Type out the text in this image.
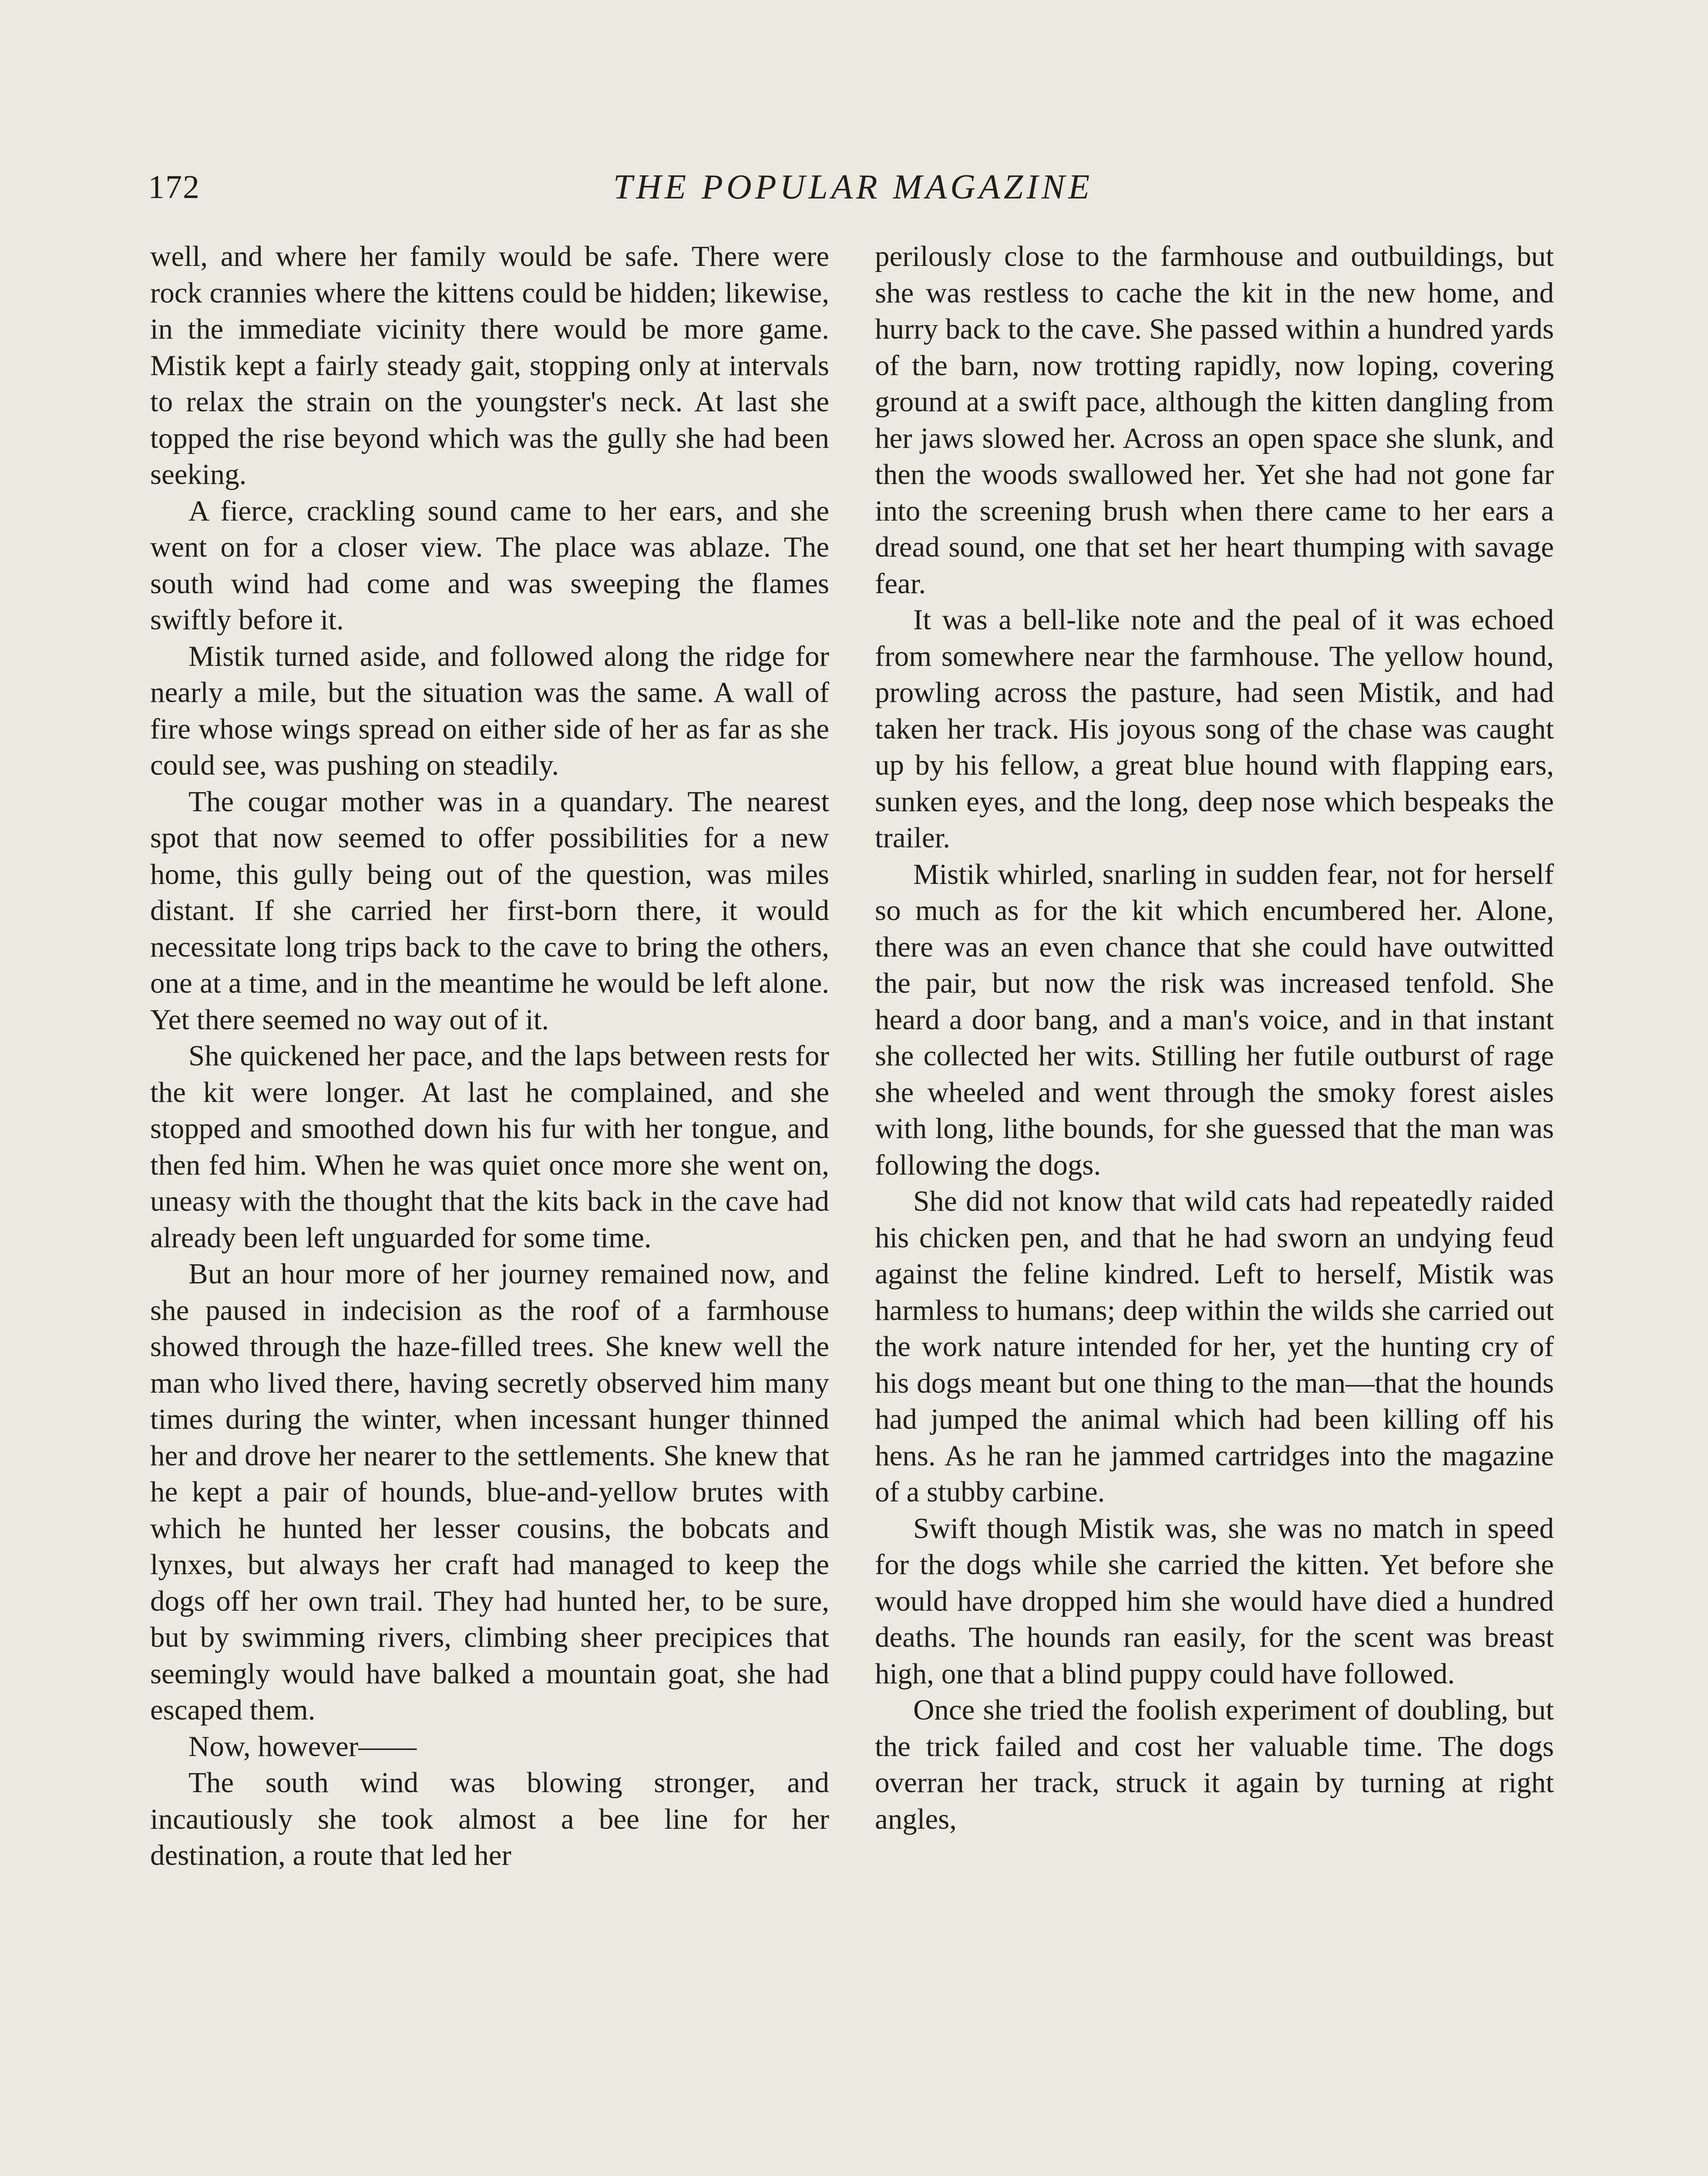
172	THE POPULAR MAGAZINE

well, and where her family would be safe. There were rock crannies where the kittens could be hidden; likewise, in the immediate vicinity there would be more game. Mistik kept a fairly steady gait, stopping only at intervals to relax the strain on the youngster's neck. At last she topped the rise beyond which was the gully she had been seeking.

A fierce, crackling sound came to her ears, and she went on for a closer view. The place was ablaze. The south wind had come and was sweeping the flames swiftly before it.

Mistik turned aside, and followed along the ridge for nearly a mile, but the situation was the same. A wall of fire whose wings spread on either side of her as far as she could see, was pushing on steadily.

The cougar mother was in a quandary. The nearest spot that now seemed to offer possibilities for a new home, this gully being out of the question, was miles distant. If she carried her first-born there, it would necessitate long trips back to the cave to bring the others, one at a time, and in the meantime he would be left alone. Yet there seemed no way out of it.

She quickened her pace, and the laps between rests for the kit were longer. At last he complained, and she stopped and smoothed down his fur with her tongue, and then fed him. When he was quiet once more she went on, uneasy with the thought that the kits back in the cave had already been left unguarded for some time.

But an hour more of her journey remained now, and she paused in indecision as the roof of a farmhouse showed through the haze-filled trees. She knew well the man who lived there, having secretly observed him many times during the winter, when incessant hunger thinned her and drove her nearer to the settlements. She knew that he kept a pair of hounds, blue-and-yellow brutes with which he hunted her lesser cousins, the bobcats and lynxes, but always her craft had managed to keep the dogs off her own trail. They had hunted her, to be sure, but by swimming rivers, climbing sheer precipices that seemingly would have balked a mountain goat, she had escaped them.

Now, however——

The south wind was blowing stronger, and incautiously she took almost a bee line for her destination, a route that led her

perilously close to the farmhouse and outbuildings, but she was restless to cache the kit in the new home, and hurry back to the cave. She passed within a hundred yards of the barn, now trotting rapidly, now loping, covering ground at a swift pace, although the kitten dangling from her jaws slowed her. Across an open space she slunk, and then the woods swallowed her. Yet she had not gone far into the screening brush when there came to her ears a dread sound, one that set her heart thumping with savage fear.

It was a bell-like note and the peal of it was echoed from somewhere near the farmhouse. The yellow hound, prowling across the pasture, had seen Mistik, and had taken her track. His joyous song of the chase was caught up by his fellow, a great blue hound with flapping ears, sunken eyes, and the long, deep nose which bespeaks the trailer.

Mistik whirled, snarling in sudden fear, not for herself so much as for the kit which encumbered her. Alone, there was an even chance that she could have outwitted the pair, but now the risk was increased tenfold. She heard a door bang, and a man's voice, and in that instant she collected her wits. Stilling her futile outburst of rage she wheeled and went through the smoky forest aisles with long, lithe bounds, for she guessed that the man was following the dogs.

She did not know that wild cats had repeatedly raided his chicken pen, and that he had sworn an undying feud against the feline kindred. Left to herself, Mistik was harmless to humans; deep within the wilds she carried out the work nature intended for her, yet the hunting cry of his dogs meant but one thing to the man—that the hounds had jumped the animal which had been killing off his hens. As he ran he jammed cartridges into the magazine of a stubby carbine.

Swift though Mistik was, she was no match in speed for the dogs while she carried the kitten. Yet before she would have dropped him she would have died a hundred deaths. The hounds ran easily, for the scent was breast high, one that a blind puppy could have followed.

Once she tried the foolish experiment of doubling, but the trick failed and cost her valuable time. The dogs overran her track, struck it again by turning at right angles,
